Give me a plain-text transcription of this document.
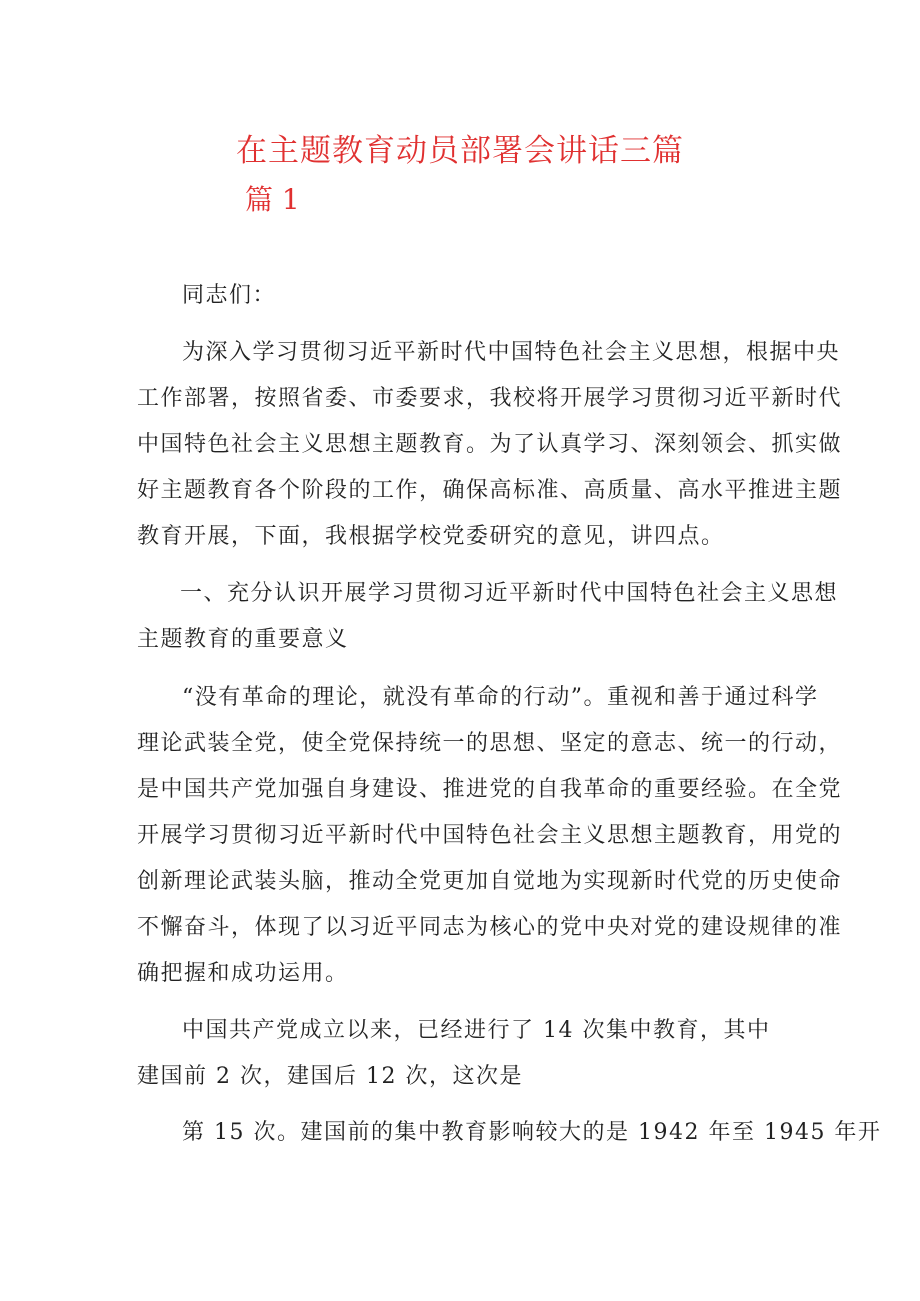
在主题教育动员部署会讲话三篇
篇 1
同志们：
为深入学习贯彻习近平新时代中国特色社会主义思想，根据中央
工作部署，按照省委、市委要求，我校将开展学习贯彻习近平新时代
中国特色社会主义思想主题教育。为了认真学习、深刻领会、抓实做
好主题教育各个阶段的工作，确保高标准、高质量、高水平推进主题
教育开展，下面，我根据学校党委研究的意见，讲四点。
一、充分认识开展学习贯彻习近平新时代中国特色社会主义思想
主题教育的重要意义
“没有革命的理论，就没有革命的行动”。重视和善于通过科学
理论武装全党，使全党保持统一的思想、坚定的意志、统一的行动，
是中国共产党加强自身建设、推进党的自我革命的重要经验。在全党
开展学习贯彻习近平新时代中国特色社会主义思想主题教育，用党的
创新理论武装头脑，推动全党更加自觉地为实现新时代党的历史使命
不懈奋斗，体现了以习近平同志为核心的党中央对党的建设规律的准
确把握和成功运用。
中国共产党成立以来，已经进行了 14 次集中教育，其中
建国前 2 次，建国后 12 次，这次是
第 15 次。建国前的集中教育影响较大的是 1942 年至 1945 年开
